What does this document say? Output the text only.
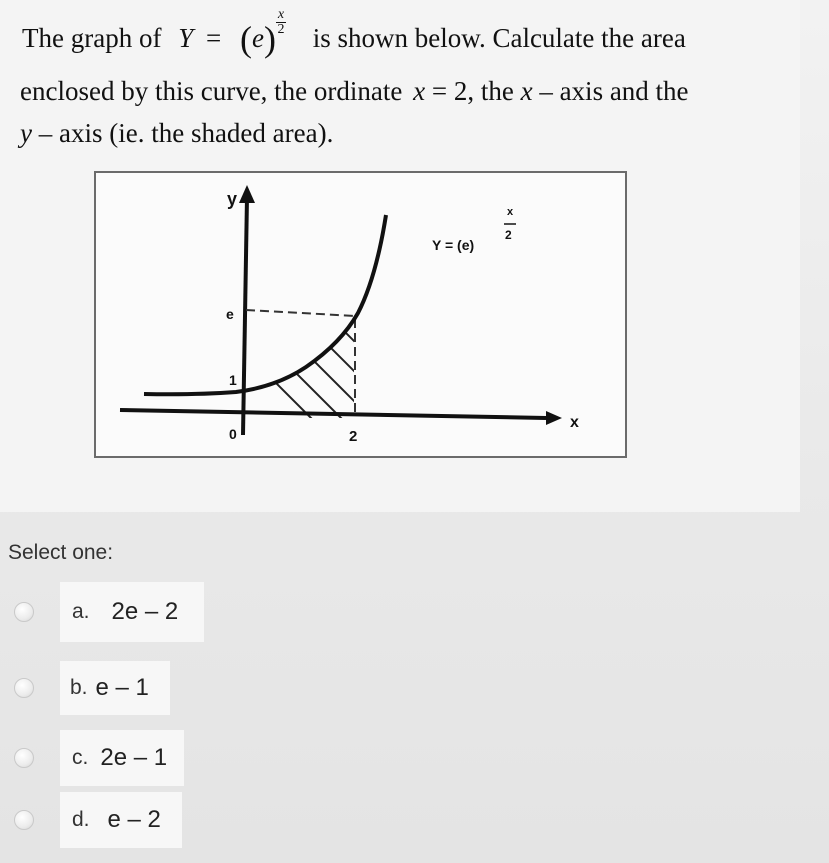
The graph of $Y = (e)\frac{x}{2}$ is shown below. Calculate the area
enclosed by this curve, the ordinate x = 2, the x – axis and the
y – axis (ie. the shaded area).
y
e
1
0	2
x
Y = (e)
x
2
Select one:
a. 2e – 2
b. e – 1
c. 2e – 1
d. e – 2
